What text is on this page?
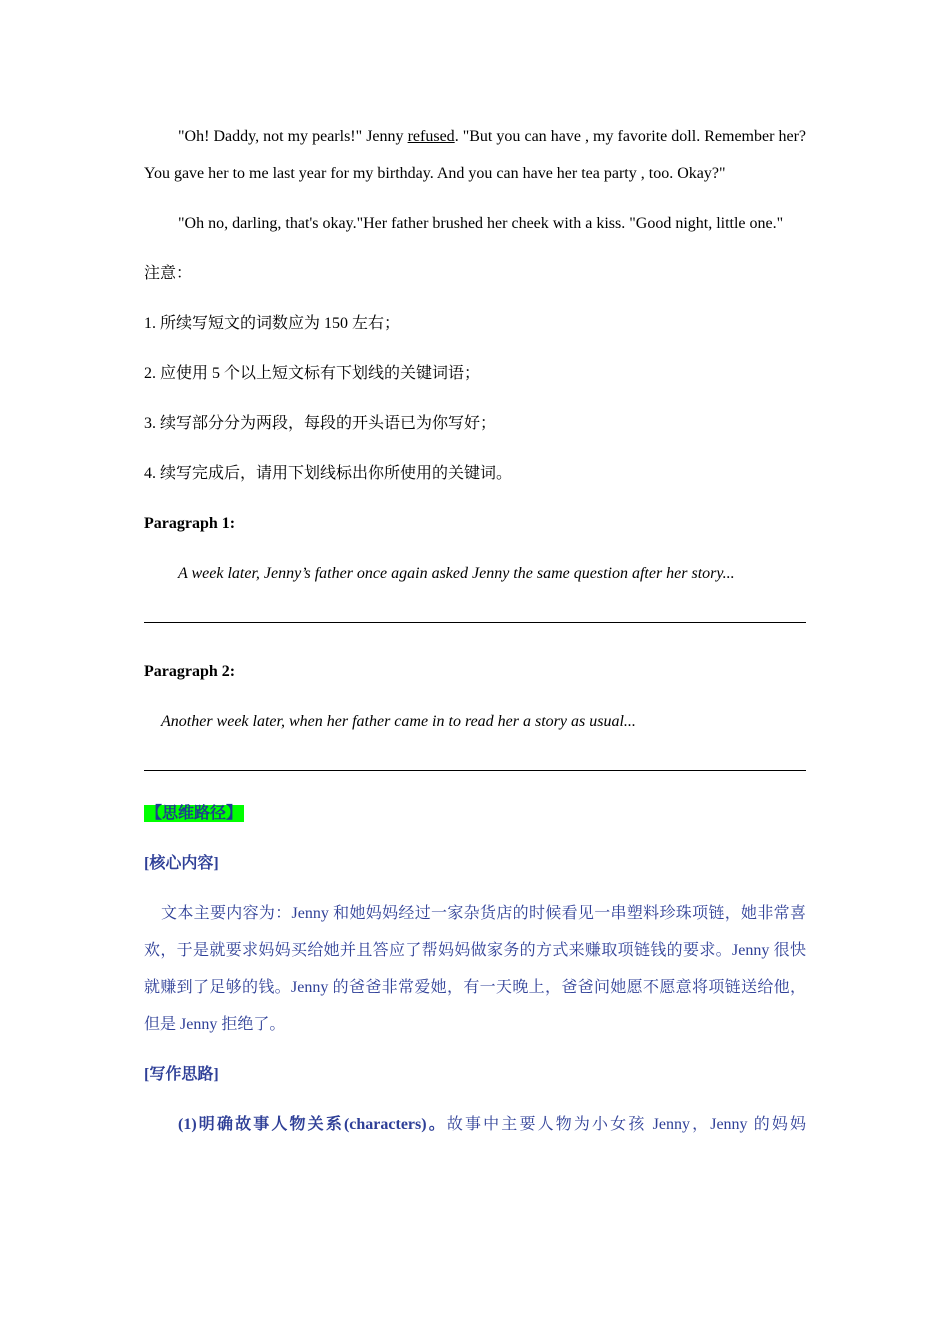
"Oh! Daddy, not my pearls!" Jenny refused. "But you can have , my favorite doll. Remember her? You gave her to me last year for my birthday. And you can have her tea party , too. Okay?"

"Oh no, darling, that's okay."Her father brushed her cheek with a kiss. "Good night, little one."

注意：

1. 所续写短文的词数应为 150 左右；

2. 应使用 5 个以上短文标有下划线的关键词语；

3. 续写部分分为两段，每段的开头语已为你写好；

4. 续写完成后，请用下划线标出你所使用的关键词。

Paragraph 1:

A week later, Jenny’s father once again asked Jenny the same question after her story...

Paragraph 2:

Another week later, when her father came in to read her a story as usual...

【思维路径】

[核心内容]

文本主要内容为：Jenny 和她妈妈经过一家杂货店的时候看见一串塑料珍珠项链，她非常喜欢，于是就要求妈妈买给她并且答应了帮妈妈做家务的方式来赚取项链钱的要求。Jenny 很快就赚到了足够的钱。Jenny 的爸爸非常爱她，有一天晚上，爸爸问她愿不愿意将项链送给他，但是 Jenny 拒绝了。

[写作思路]

(1)明确故事人物关系(characters)。故事中主要人物为小女孩 Jenny，Jenny 的妈妈
